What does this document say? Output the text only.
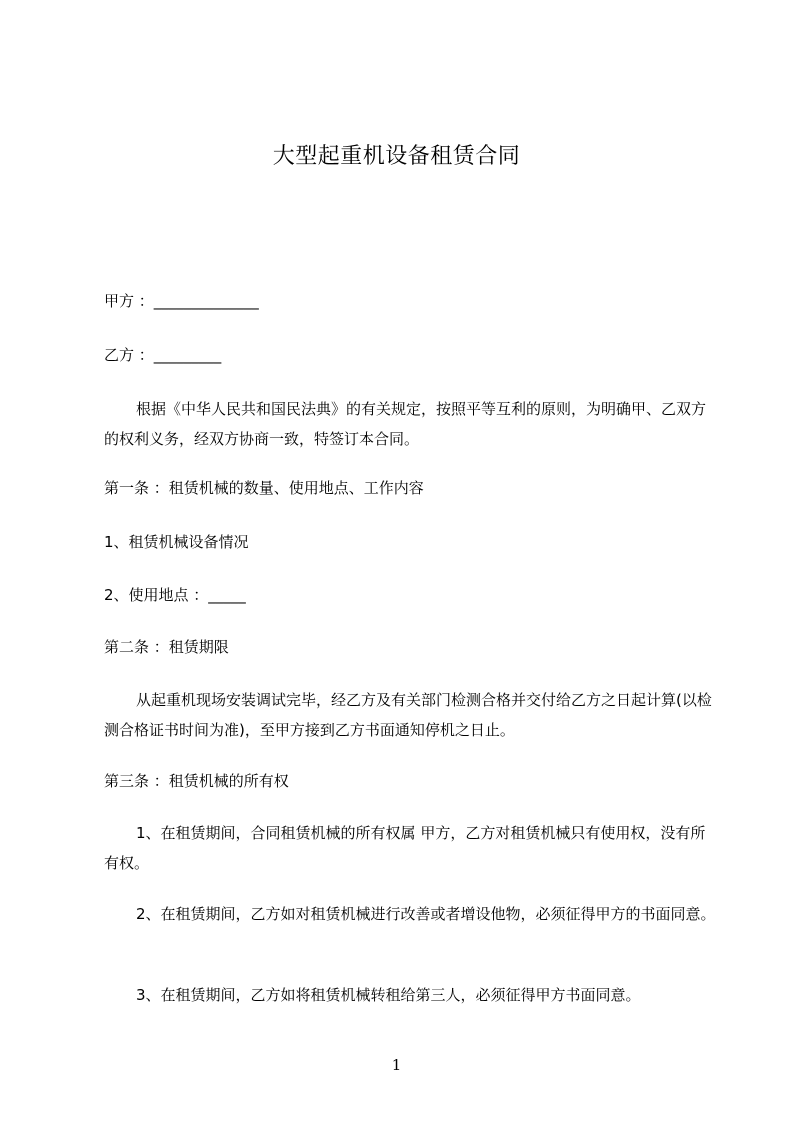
大型起重机设备租赁合同
甲方 ：______________
乙方 ：_________
根据《中华人民共和国民法典》的有关规定，按照平等互利的原则，为明确甲、乙双方的权利义务，经双方协商一致，特签订本合同。
第一条 ：租赁机械的数量、使用地点、工作内容
1、租赁机械设备情况
2、使用地点 ：_____
第二条 ：租赁期限
从起重机现场安装调试完毕，经乙方及有关部门检测合格并交付给乙方之日起计算(以检测合格证书时间为准)，至甲方接到乙方书面通知停机之日止。
第三条 ：租赁机械的所有权
1、在租赁期间，合同租赁机械的所有权属 甲方，乙方对租赁机械只有使用权，没有所有权。
2、在租赁期间，乙方如对租赁机械进行改善或者增设他物，必须征得甲方的书面同意。
3、在租赁期间，乙方如将租赁机械转租给第三人，必须征得甲方书面同意。
1
